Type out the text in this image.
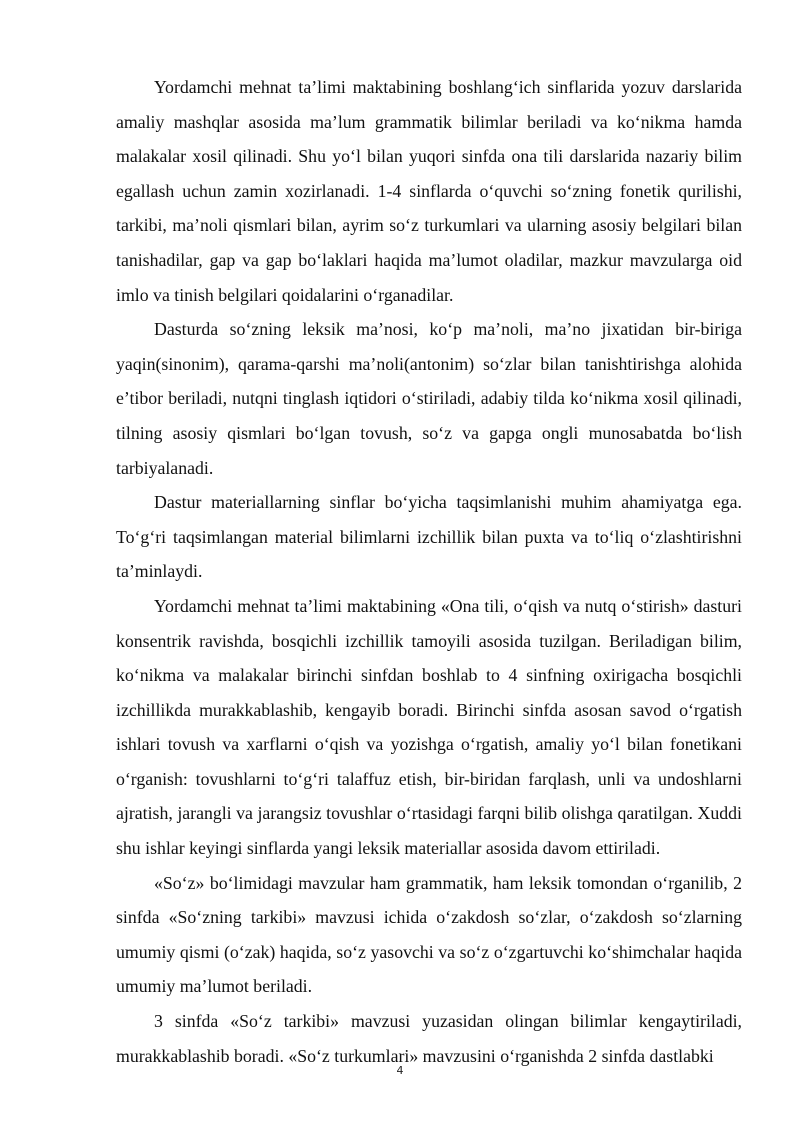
Yordamchi mehnat ta’limi maktabining boshlang‘ich sinflarida yozuv darslarida amaliy mashqlar asosida ma’lum grammatik bilimlar beriladi va ko‘nikma hamda malakalar xosil qilinadi. Shu yo‘l bilan yuqori sinfda ona tili darslarida nazariy bilim egallash uchun zamin xozirlanadi. 1-4 sinflarda o‘quvchi so‘zning fonetik qurilishi, tarkibi, ma’noli qismlari bilan, ayrim so‘z turkumlari va ularning asosiy belgilari bilan tanishadilar, gap va gap bo‘laklari haqida ma’lumot oladilar, mazkur mavzularga oid imlo va tinish belgilari qoidalarini o‘rganadilar.

Dasturda so‘zning leksik ma’nosi, ko‘p ma’noli, ma’no jixatidan bir-biriga yaqin(sinonim), qarama-qarshi ma’noli(antonim) so‘zlar bilan tanishtirishga alohida e’tibor beriladi, nutqni tinglash iqtidori o‘stiriladi, adabiy tilda ko‘nikma xosil qilinadi, tilning asosiy qismlari bo‘lgan tovush, so‘z va gapga ongli munosabatda bo‘lish tarbiyalanadi.

Dastur materiallarning sinflar bo‘yicha taqsimlanishi muhim ahamiyatga ega. To‘g‘ri taqsimlangan material bilimlarni izchillik bilan puxta va to‘liq o‘zlashtirishni ta’minlaydi.

Yordamchi mehnat ta’limi maktabining «Ona tili, o‘qish va nutq o‘stirish» dasturi konsentrik ravishda, bosqichli izchillik tamoyili asosida tuzilgan. Beriladigan bilim, ko‘nikma va malakalar birinchi sinfdan boshlab to 4 sinfning oxirigacha bosqichli izchillikda murakkablashib, kengayib boradi. Birinchi sinfda asosan savod o‘rgatish ishlari tovush va xarflarni o‘qish va yozishga o‘rgatish, amaliy yo‘l bilan fonetikani o‘rganish: tovushlarni to‘g‘ri talaffuz etish, bir-biridan farqlash, unli va undoshlarni ajratish, jarangli va jarangsiz tovushlar o‘rtasidagi farqni bilib olishga qaratilgan. Xuddi shu ishlar keyingi sinflarda yangi leksik materiallar asosida davom ettiriladi.

«So‘z» bo‘limidagi mavzular ham grammatik, ham leksik tomondan o‘rganilib, 2 sinfda «So‘zning tarkibi» mavzusi ichida o‘zakdosh so‘zlar, o‘zakdosh so‘zlarning umumiy qismi (o‘zak) haqida, so‘z yasovchi va so‘z o‘zgartuvchi ko‘shimchalar haqida umumiy ma’lumot beriladi.

3 sinfda «So‘z tarkibi» mavzusi yuzasidan olingan bilimlar kengaytiriladi, murakkablashib boradi. «So‘z turkumlari» mavzusini o‘rganishda 2 sinfda dastlabki

4
